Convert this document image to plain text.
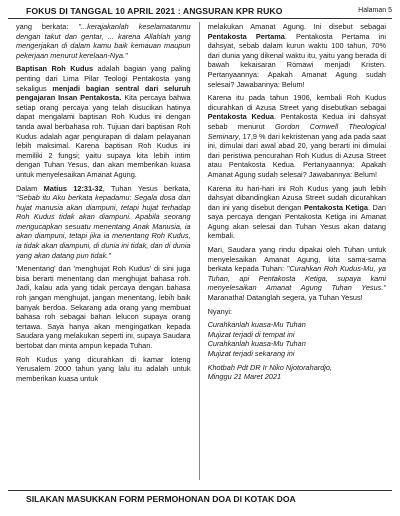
FOKUS DI TANGGAL 10 APRIL 2021 : ANGSURAN KPR RUKO	Halaman 5

yang berkata: "...kerajakanlah keselamatanmu dengan takut dan gentar, ... karena Allahlah yang mengerjakan di dalam kamu baik kemauan maupun pekerjaan menurut kerelaan-Nya."

Baptisan Roh Kudus adalah bagian yang paling penting dari Lima Pilar Teologi Pentakosta yang sekaligus menjadi bagian sentral dari seluruh pengajaran Insan Pentakosta. Kita percaya bahwa setiap orang percaya yang telah disucikan hatinya dapat mengalami baptisan Roh Kudus ini dengan tanda awal berbahasa roh. Tujuan dari baptisan Roh Kudus adalah agar pengurapan di dalam pelayanan lebih maksimal. Karena baptisan Roh Kudus ini memiliki 2 fungsi; yaitu supaya kita lebih intim dengan Tuhan Yesus, dan akan memberikan kuasa untuk menyelesaikan Amanat Agung.

Dalam Matius 12:31-32, Tuhan Yesus berkata, "Sebab itu Aku berkata kepadamu: Segala dosa dan hujat manusia akan diampuni, tetapi hujat terhadap Roh Kudus tidak akan diampuni. Apabila seorang mengucapkan sesuatu menentang Anak Manusia, ia akan diampuni, tetapi jika ia menentang Roh Kudus, ia tidak akan diampuni, di dunia ini tidak, dan di dunia yang akan datang pun tidak."

'Menentang' dan 'menghujat Roh Kudus' di sini juga bisa berarti menentang dan menghujat bahasa roh. Jadi, kalau ada yang tidak percaya dengan bahasa roh jangan menghujat, jangan menentang, lebih baik banyak berdoa. Sekarang ada orang yang membuat bahasa roh sebagai bahan lelucon supaya orang tertawa. Saya hanya akan mengingatkan kepada Saudara yang melakukan seperti ini, supaya Saudara bertobat dan minta ampun kepada Tuhan.

Roh Kudus yang dicurahkan di kamar loteng Yerusalem 2000 tahun yang lalu itu adalah untuk memberikan kuasa untuk

melakukan Amanat Agung. Ini disebut sebagai Pentakosta Pertama. Pentakosta Pertama ini dahsyat, sebab dalam kurun waktu 100 tahun, 70% dari dunia yang dikenal waktu itu, yaitu yang berada di bawah kekaisaran Romawi menjadi Kristen. Pertanyaannya: Apakah Amanat Agung sudah selesai? Jawabannya: Belum!

Karena itu pada tahun 1906, kembali Roh Kudus dicurahkan di Azusa Street yang disebutkan sebagai Pentakosta Kedua. Pentakosta Kedua ini dahsyat sebab menurut Gordon Cornwell Theological Seminary, 17,9 % dari kekristenan yang ada pada saat ini, dimulai dari awal abad 20, yang berarti ini dimulai dari peristiwa pencurahan Roh Kudus di Azusa Street atau Pentakosta Kedua. Pertanyaannya: Apakah Amanat Agung sudah selesai? Jawabannya: Belum!

Karena itu hari-hari ini Roh Kudus yang jauh lebih dahsyat dibandingkan Azusa Street sudah dicurahkan dan ini yang disebut dengan Pentakosta Ketiga. Dan saya percaya dengan Pentakosta Ketiga ini Amanat Agung akan selesai dan Tuhan Yesus akan datang kembali.

Mari, Saudara yang rindu dipakai oleh Tuhan untuk menyelesaikan Amanat Agung, kita sama-sama berkata kepada Tuhan: "Curahkan Roh Kudus-Mu, ya Tuhan, api Pentakosta Ketiga, supaya kami menyelesaikan Amanat Agung Tuhan Yesus." Maranatha! Datanglah segera, ya Tuhan Yesus!

Nyanyi:

Curahkanlah kuasa-Mu Tuhan

Mujizat terjadi di tempat ini

Curahkanlah kuasa-Mu Tuhan

Mujizat terjadi sekarang ini

Khotbah Pdt DR Ir Niko Njotorahardjo,

Minggu 21 Maret 2021

SILAKAN MASUKKAN FORM PERMOHONAN DOA DI KOTAK DOA
